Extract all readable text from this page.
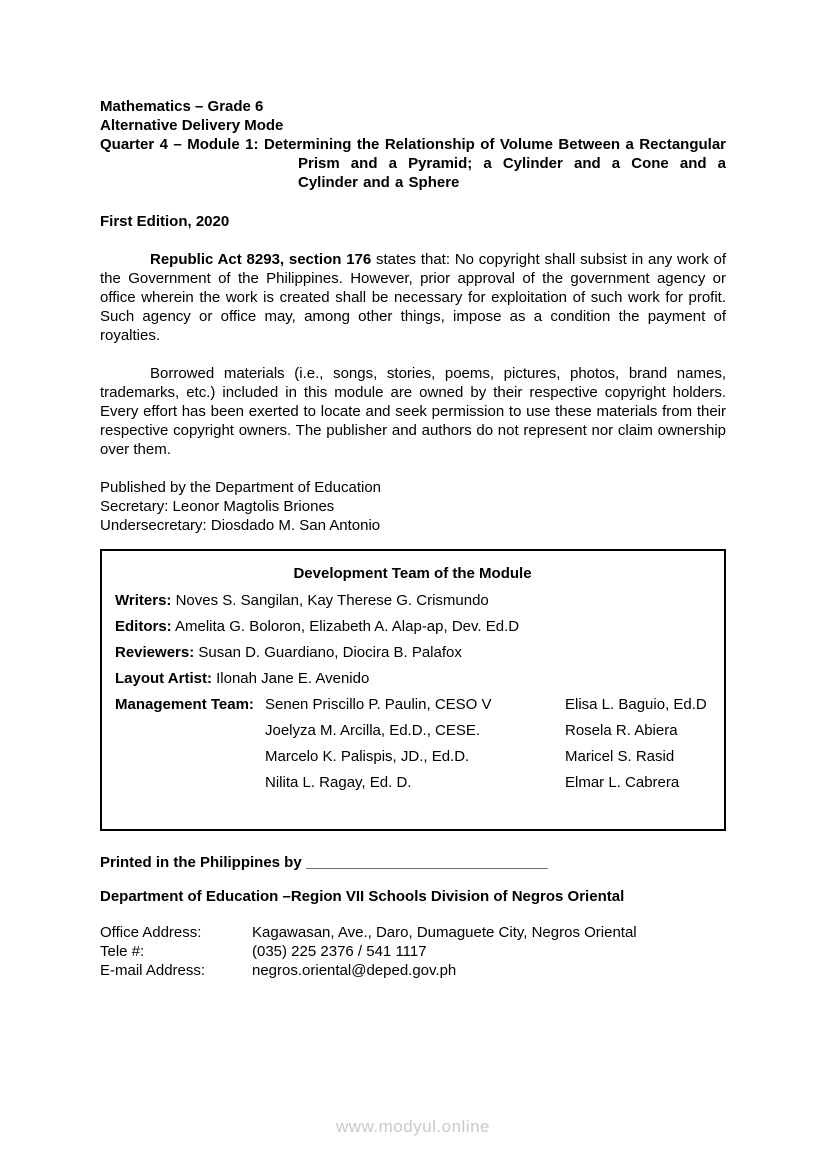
Mathematics – Grade 6
Alternative Delivery Mode
Quarter 4 – Module 1: Determining the Relationship of Volume Between a Rectangular Prism and a Pyramid; a Cylinder and a Cone and a Cylinder and a Sphere
First Edition, 2020

Republic Act 8293, section 176 states that: No copyright shall subsist in any work of the Government of the Philippines. However, prior approval of the government agency or office wherein the work is created shall be necessary for exploitation of such work for profit. Such agency or office may, among other things, impose as a condition the payment of royalties.

Borrowed materials (i.e., songs, stories, poems, pictures, photos, brand names, trademarks, etc.) included in this module are owned by their respective copyright holders. Every effort has been exerted to locate and seek permission to use these materials from their respective copyright owners. The publisher and authors do not represent nor claim ownership over them.

Published by the Department of Education
Secretary: Leonor Magtolis Briones
Undersecretary: Diosdado M. San Antonio
Development Team of the Module
Writers: Noves S. Sangilan, Kay Therese G. Crismundo
Editors: Amelita G. Boloron, Elizabeth A. Alap-ap, Dev. Ed.D
Reviewers: Susan D. Guardiano, Diocira B. Palafox
Layout Artist: Ilonah Jane E. Avenido
Management Team: Senen Priscillo P. Paulin, CESO V	Elisa L. Baguio, Ed.D
Joelyza M. Arcilla, Ed.D., CESE.	Rosela R. Abiera
Marcelo K. Palispis, JD., Ed.D.	Maricel S. Rasid
Nilita L. Ragay, Ed. D.	Elmar L. Cabrera
Printed in the Philippines by _____________________________
Department of Education –Region VII Schools Division of Negros Oriental
Office Address:	Kagawasan, Ave., Daro, Dumaguete City, Negros Oriental
Tele #:	(035) 225 2376 / 541 1117
E-mail Address:	negros.oriental@deped.gov.ph
www.modyul.online
